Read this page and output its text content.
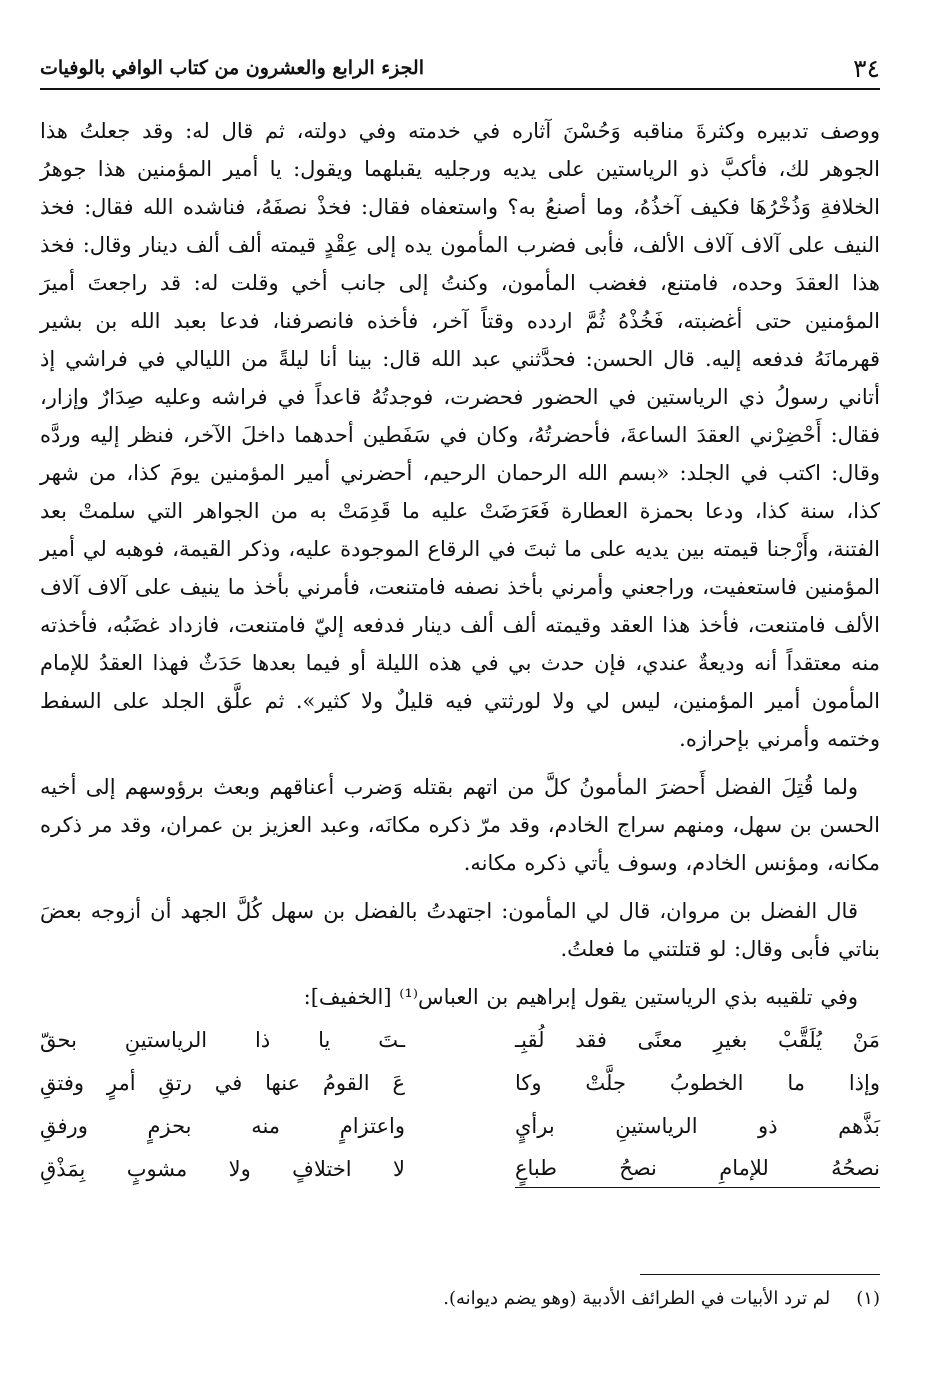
٣٤
الجزء الرابع والعشرون من كتاب الوافي بالوفيات

ووصف تدبيره وكثرةَ مناقبه وَحُسْنَ آثاره في خدمته وفي دولته، ثم قال له: وقد جعلتُ هذا الجوهر لك، فأكبَّ ذو الرياستين على يديه ورجليه يقبلهما ويقول: يا أمير المؤمنين هذا جوهرُ الخلافةِ وَذُخْرُهَا فكيف آخذُهُ، وما أصنعُ به؟ واستعفاه فقال: فخذْ نصفَهُ، فناشده الله فقال: فخذ النيف على آلاف آلاف الألف، فأبى فضرب المأمون يده إلى عِقْدٍ قيمته ألف ألف دينار وقال: فخذ هذا العقدَ وحده، فامتنع، فغضب المأمون، وكنتُ إلى جانب أخي وقلت له: قد راجعتَ أميرَ المؤمنين حتى أغضبته، فَخُذْهُ ثُمَّ اردده وقتاً آخر، فأخذه فانصرفنا، فدعا بعبد الله بن بشير قهرمانَهُ فدفعه إليه. قال الحسن: فحدَّثني عبد الله قال: بينا أنا ليلةً من الليالي في فراشي إذ أتاني رسولُ ذي الرياستين في الحضور فحضرت، فوجدتُهُ قاعداً في فراشه وعليه صِدَارٌ وإزار، فقال: أَحْضِرْني العقدَ الساعةَ، فأحضرتُهُ، وكان في سَفَطين أحدهما داخلَ الآخر، فنظر إليه وردَّه وقال: اكتب في الجلد: «بسم الله الرحمان الرحيم، أحضرني أمير المؤمنين يومَ كذا، من شهر كذا، سنة كذا، ودعا بحمزة العطارة فَعَرَضَتْ عليه ما قَدِمَتْ به من الجواهر التي سلمتْ بعد الفتنة، وأَرْجنا قيمته بين يديه على ما ثبتَ في الرقاع الموجودة عليه، وذكر القيمة، فوهبه لي أمير المؤمنين فاستعفيت، وراجعني وأمرني بأخذ نصفه فامتنعت، فأمرني بأخذ ما ينيف على آلاف آلاف الألف فامتنعت، فأخذ هذا العقد وقيمته ألف ألف دينار فدفعه إليّ فامتنعت، فازداد غضَبُه، فأخذته منه معتقداً أنه وديعةٌ عندي، فإن حدث بي في هذه الليلة أو فيما بعدها حَدَثٌ فهذا العقدُ للإمام المأمون أمير المؤمنين، ليس لي ولا لورثتي فيه قليلٌ ولا كثير». ثم علَّق الجلد على السفط وختمه وأمرني بإحرازه.

ولما قُتِلَ الفضل أَحضرَ المأمونُ كلَّ من اتهم بقتله وَضرب أعناقهم وبعث برؤوسهم إلى أخيه الحسن بن سهل، ومنهم سراج الخادم، وقد مرّ ذكره مكانَه، وعبد العزيز بن عمران، وقد مر ذكره مكانه، ومؤنس الخادم، وسوف يأتي ذكره مكانه.

قال الفضل بن مروان، قال لي المأمون: اجتهدتُ بالفضل بن سهل كُلَّ الجهد أن أزوجه بعضَ بناتي فأبى وقال: لو قتلتني ما فعلتُ.

وفي تلقيبه بذي الرياستين يقول إبراهيم بن العباس⁽¹⁾ [الخفيف]:

مَنْ يُلَقَّبْ بغيرِ معنًى فقد لُقبِـ
ـتَ يا ذا الرياستينِ بحقّ
وإذا ما الخطوبُ جلَّتْ وكا
عَ القومُ عنها في رتقِ أمرٍ وفتقِ
بَذَّهم ذو الرياستينِ برأيٍ
واعتزامٍ منه بحزمٍ ورفقِ
نصحُهُ للإمامِ نصحُ طباعٍ
لا اختلافٍ ولا مشوبٍ بِمَذْقِ
(١)
لم ترد الأبيات في الطرائف الأدبية (وهو يضم ديوانه).
